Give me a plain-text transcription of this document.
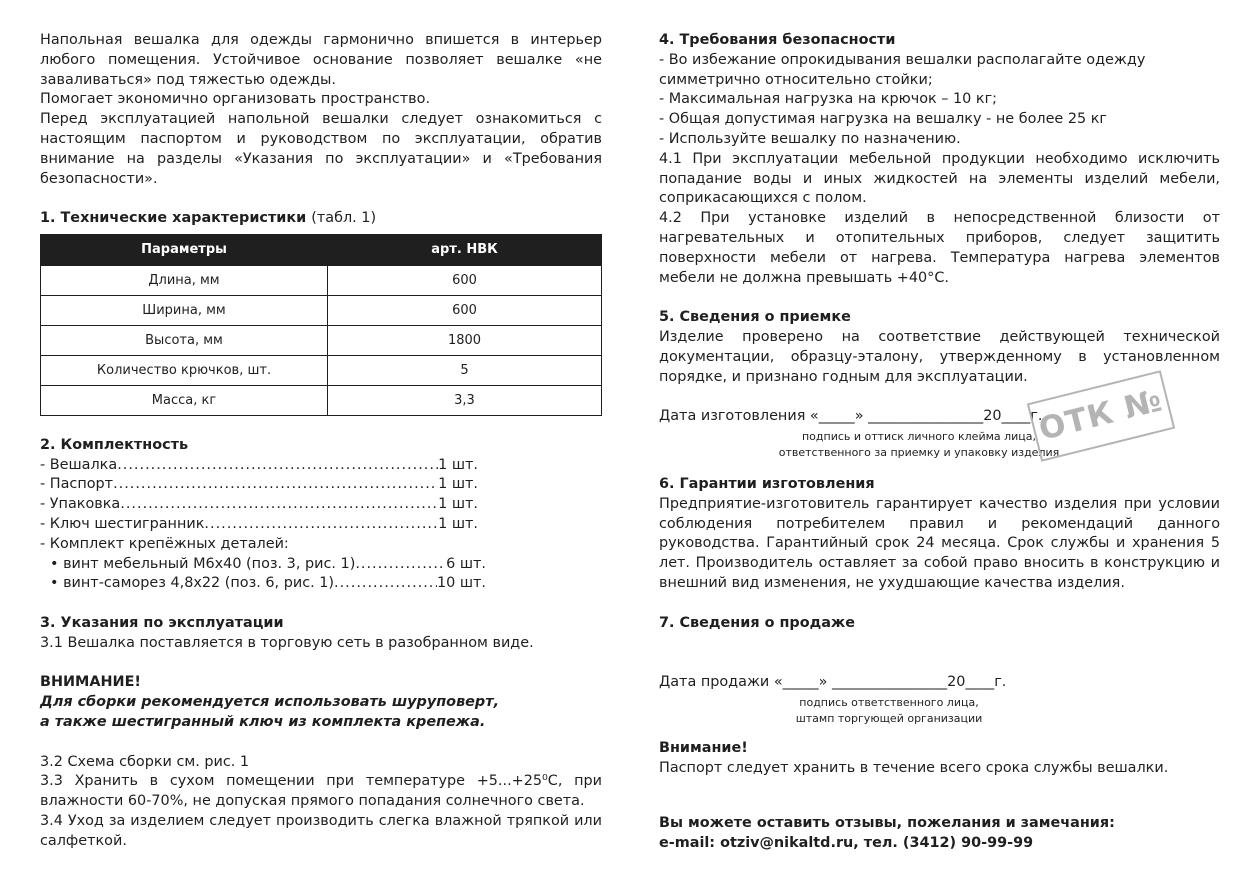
Напольная вешалка для одежды гармонично впишется в интерьер любого помещения. Устойчивое основание позволяет вешалке «не заваливаться» под тяжестью одежды.

Помогает экономично организовать пространство.

Перед эксплуатацией напольной вешалки следует ознакомиться с настоящим паспортом и руководством по эксплуатации, обратив внимание на разделы «Указания по эксплуатации» и «Требования безопасности».

1. Технические характеристики (табл. 1)

Параметры	арт. НВК
Длина, мм	600
Ширина, мм	600
Высота, мм	1800
Количество крючков, шт.	5
Масса, кг	3,3

2. Комплектность

- Вешалка .....	1 шт.
- Паспорт .....	1 шт.
- Упаковка .....	1 шт.
- Ключ шестигранник .....	1 шт.

- Комплект крепёжных деталей:

• винт мебельный М6х40 (поз. 3, рис. 1) .....	6 шт.
• винт-саморез 4,8х22 (поз. 6, рис. 1) .....	10 шт.

3. Указания по эксплуатации

3.1 Вешалка поставляется в торговую сеть в разобранном виде.

ВНИМАНИЕ!

Для сборки рекомендуется использовать шуруповерт,

а также шестигранный ключ из комплекта крепежа.

3.2 Схема сборки см. рис. 1

3.3 Хранить в сухом помещении при температуре +5...+25⁰С, при влажности 60-70%, не допуская прямого попадания солнечного света.

3.4 Уход за изделием следует производить слегка влажной тряпкой или салфеткой.

4. Требования безопасности

- Во избежание опрокидывания вешалки располагайте одежду симметрично относительно стойки;

- Максимальная нагрузка на крючок – 10 кг;

- Общая допустимая нагрузка на вешалку - не более 25 кг

- Используйте вешалку по назначению.

4.1 При эксплуатации мебельной продукции необходимо исключить попадание воды и иных жидкостей на элементы изделий мебели, соприкасающихся с полом.

4.2 При установке изделий в непосредственной близости от нагревательных и отопительных приборов, следует защитить поверхности мебели от нагрева. Температура нагрева элементов мебели не должна превышать +40°С.

5. Сведения о приемке

Изделие проверено на соответствие действующей технической документации, образцу-эталону, утвержденному в установленном порядке, и признано годным для эксплуатации.

Дата изготовления «_____» ________________20____г.

подпись и оттиск личного клейма лица, ответственного за приемку и упаковку изделия

6. Гарантии изготовления

Предприятие-изготовитель гарантирует качество изделия при условии соблюдения потребителем правил и рекомендаций данного руководства. Гарантийный срок 24 месяца. Срок службы и хранения 5 лет. Производитель оставляет за собой право вносить в конструкцию и внешний вид изменения, не ухудшающие качества изделия.

7. Сведения о продаже

Дата продажи «_____» ________________20____г.

подпись ответственного лица, штамп торгующей организации

Внимание!

Паспорт следует хранить в течение всего срока службы вешалки.

Вы можете оставить отзывы, пожелания и замечания:

e-mail: otziv@nikaltd.ru, тел. (3412) 90-99-99

ОТК №
